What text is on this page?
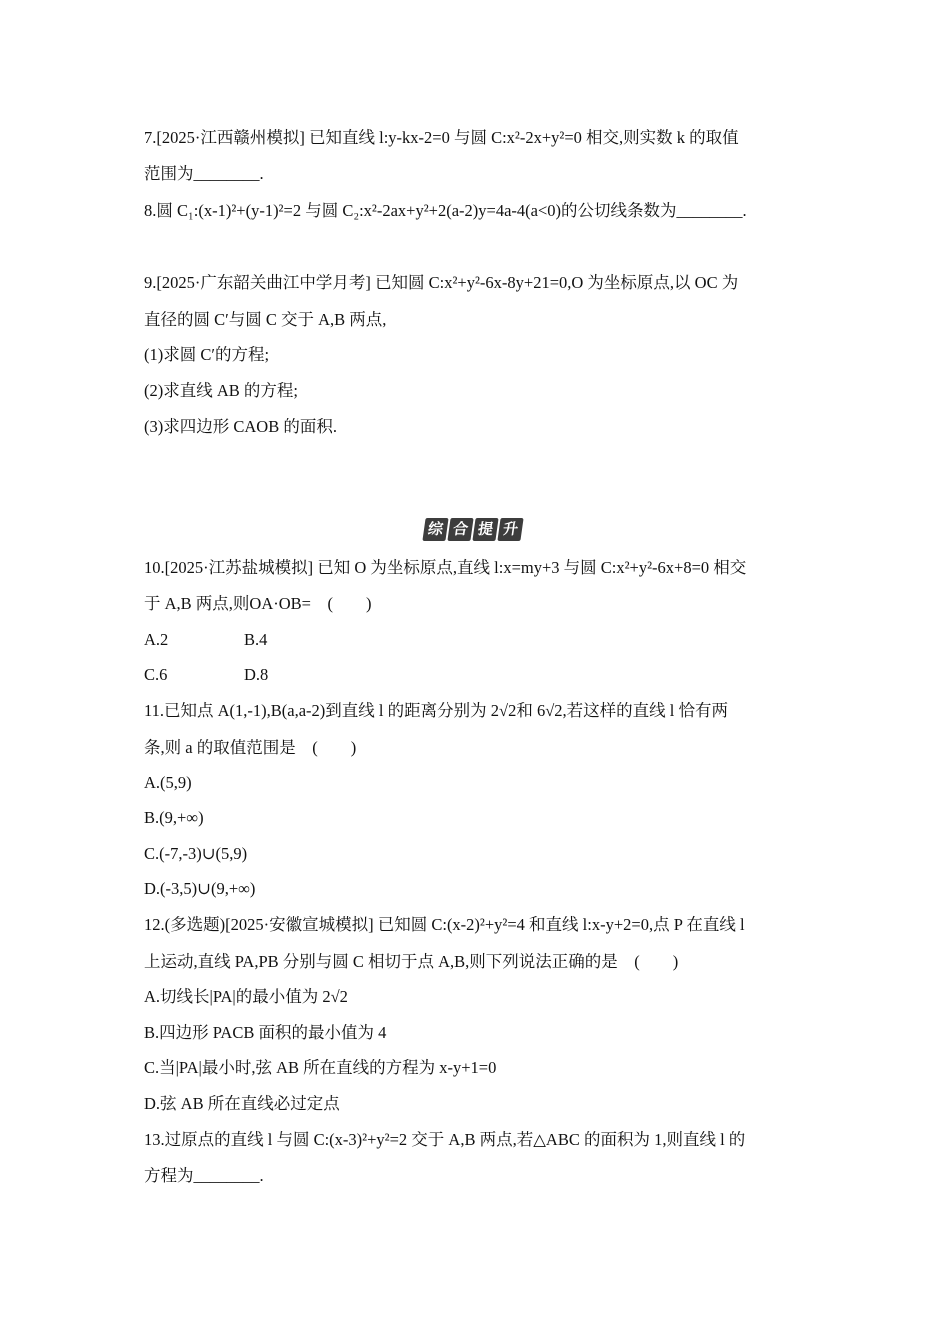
7.[2025·江西赣州模拟] 已知直线 l:y-kx-2=0 与圆 C:x²-2x+y²=0 相交,则实数 k 的取值
范围为________.
8.圆 C₁:(x-1)²+(y-1)²=2 与圆 C₂:x²-2ax+y²+2(a-2)y=4a-4(a<0)的公切线条数为________.
9.[2025·广东韶关曲江中学月考] 已知圆 C:x²+y²-6x-8y+21=0,O 为坐标原点,以 OC 为
直径的圆 C′与圆 C 交于 A,B 两点,
(1)求圆 C′的方程;
(2)求直线 AB 的方程;
(3)求四边形 CAOB 的面积.
综 合 提 升
10.[2025·江苏盐城模拟] 已知 O 为坐标原点,直线 l:x=my+3 与圆 C:x²+y²-6x+8=0 相交
于 A,B 两点,则OA·OB=　(　　)
A.2	B.4
C.6	D.8
11.已知点 A(1,-1),B(a,a-2)到直线 l 的距离分别为 2√2和 6√2,若这样的直线 l 恰有两
条,则 a 的取值范围是　(　　)
A.(5,9)
B.(9,+∞)
C.(-7,-3)∪(5,9)
D.(-3,5)∪(9,+∞)
12.(多选题)[2025·安徽宣城模拟] 已知圆 C:(x-2)²+y²=4 和直线 l:x-y+2=0,点 P 在直线 l
上运动,直线 PA,PB 分别与圆 C 相切于点 A,B,则下列说法正确的是　(　　)
A.切线长|PA|的最小值为 2√2
B.四边形 PACB 面积的最小值为 4
C.当|PA|最小时,弦 AB 所在直线的方程为 x-y+1=0
D.弦 AB 所在直线必过定点
13.过原点的直线 l 与圆 C:(x-3)²+y²=2 交于 A,B 两点,若△ABC 的面积为 1,则直线 l 的
方程为________.
